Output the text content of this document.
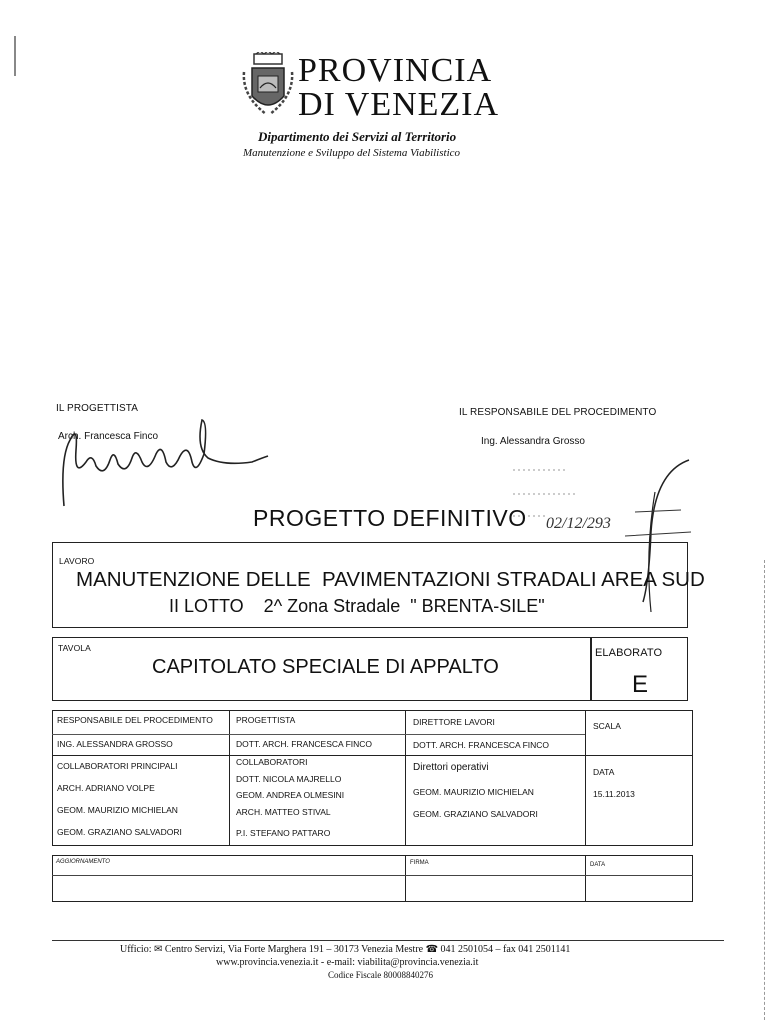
PROVINCIA
DI VENEZIA
Dipartimento dei Servizi al Territorio
Manutenzione e Sviluppo del Sistema Viabilistico
IL PROGETTISTA
Arch. Francesca Finco
IL RESPONSABILE DEL PROCEDIMENTO
Ing. Alessandra Grosso
02/12/293
PROGETTO DEFINITIVO
LAVORO
MANUTENZIONE DELLE  PAVIMENTAZIONI STRADALI AREA SUD
II LOTTO    2^ Zona Stradale  " BRENTA-SILE"
TAVOLA
CAPITOLATO SPECIALE DI APPALTO
ELABORATO
E
RESPONSABILE DEL PROCEDIMENTO
ING. ALESSANDRA GROSSO
COLLABORATORI PRINCIPALI
ARCH. ADRIANO VOLPE
GEOM. MAURIZIO MICHIELAN
GEOM. GRAZIANO SALVADORI
PROGETTISTA
DOTT. ARCH. FRANCESCA FINCO
COLLABORATORI
DOTT. NICOLA MAJRELLO
GEOM. ANDREA OLMESINI
ARCH. MATTEO STIVAL
P.I. STEFANO PATTARO
DIRETTORE LAVORI
DOTT. ARCH. FRANCESCA FINCO
Direttori operativi
GEOM. MAURIZIO MICHIELAN
GEOM. GRAZIANO SALVADORI
SCALA
DATA
15.11.2013
AGGIORNAMENTO	FIRMA	DATA
Ufficio: ✉ Centro Servizi, Via Forte Marghera 191 – 30173 Venezia Mestre ☎ 041 2501054 – fax 041 2501141
www.provincia.venezia.it - e-mail: viabilita@provincia.venezia.it
Codice Fiscale 80008840276
